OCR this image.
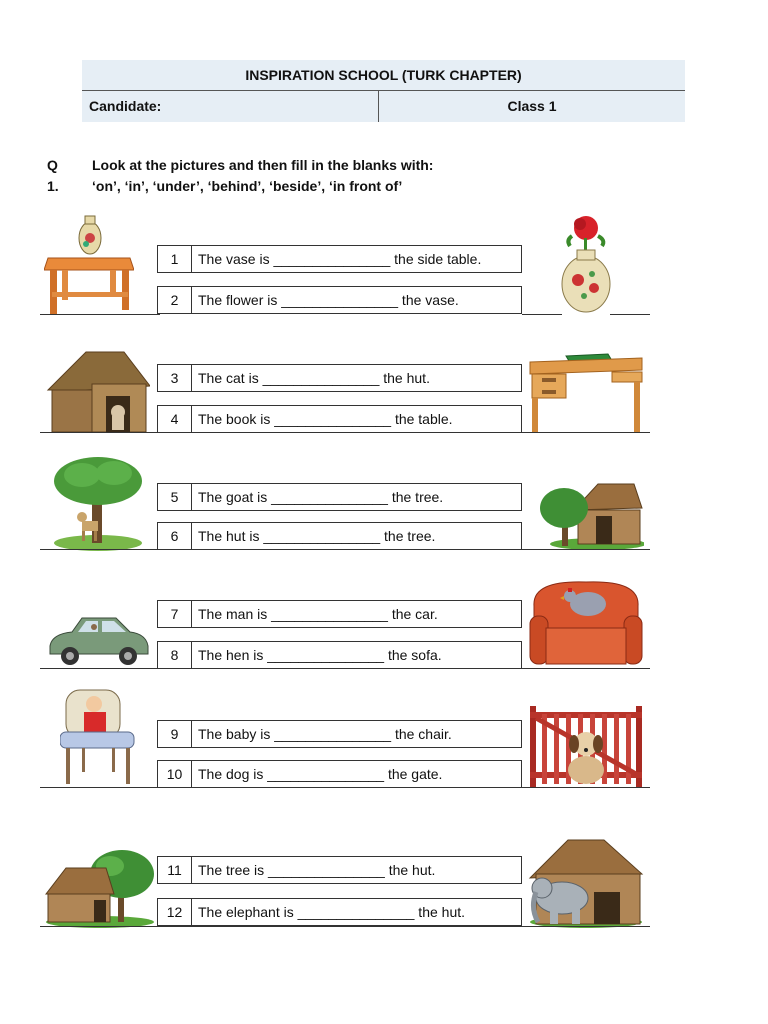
INSPIRATION SCHOOL (TURK CHAPTER)
Candidate:	Class 1
Q 1.
Look at the pictures and then fill in the blanks with:
‘on’, ‘in’, ‘under’, ‘behind’, ‘beside’, ‘in front of’
1	The vase is _______________ the side table.
2	The flower is _______________ the vase.
3	The cat is _______________ the hut.
4	The book is _______________ the table.
5	The goat is _______________ the tree.
6	The hut is _______________ the tree.
7	The man is _______________ the car.
8	The hen is _______________ the sofa.
9	The baby is _______________ the chair.
10	The dog is _______________ the gate.
11	The tree is _______________ the hut.
12	The elephant is _______________ the hut.
